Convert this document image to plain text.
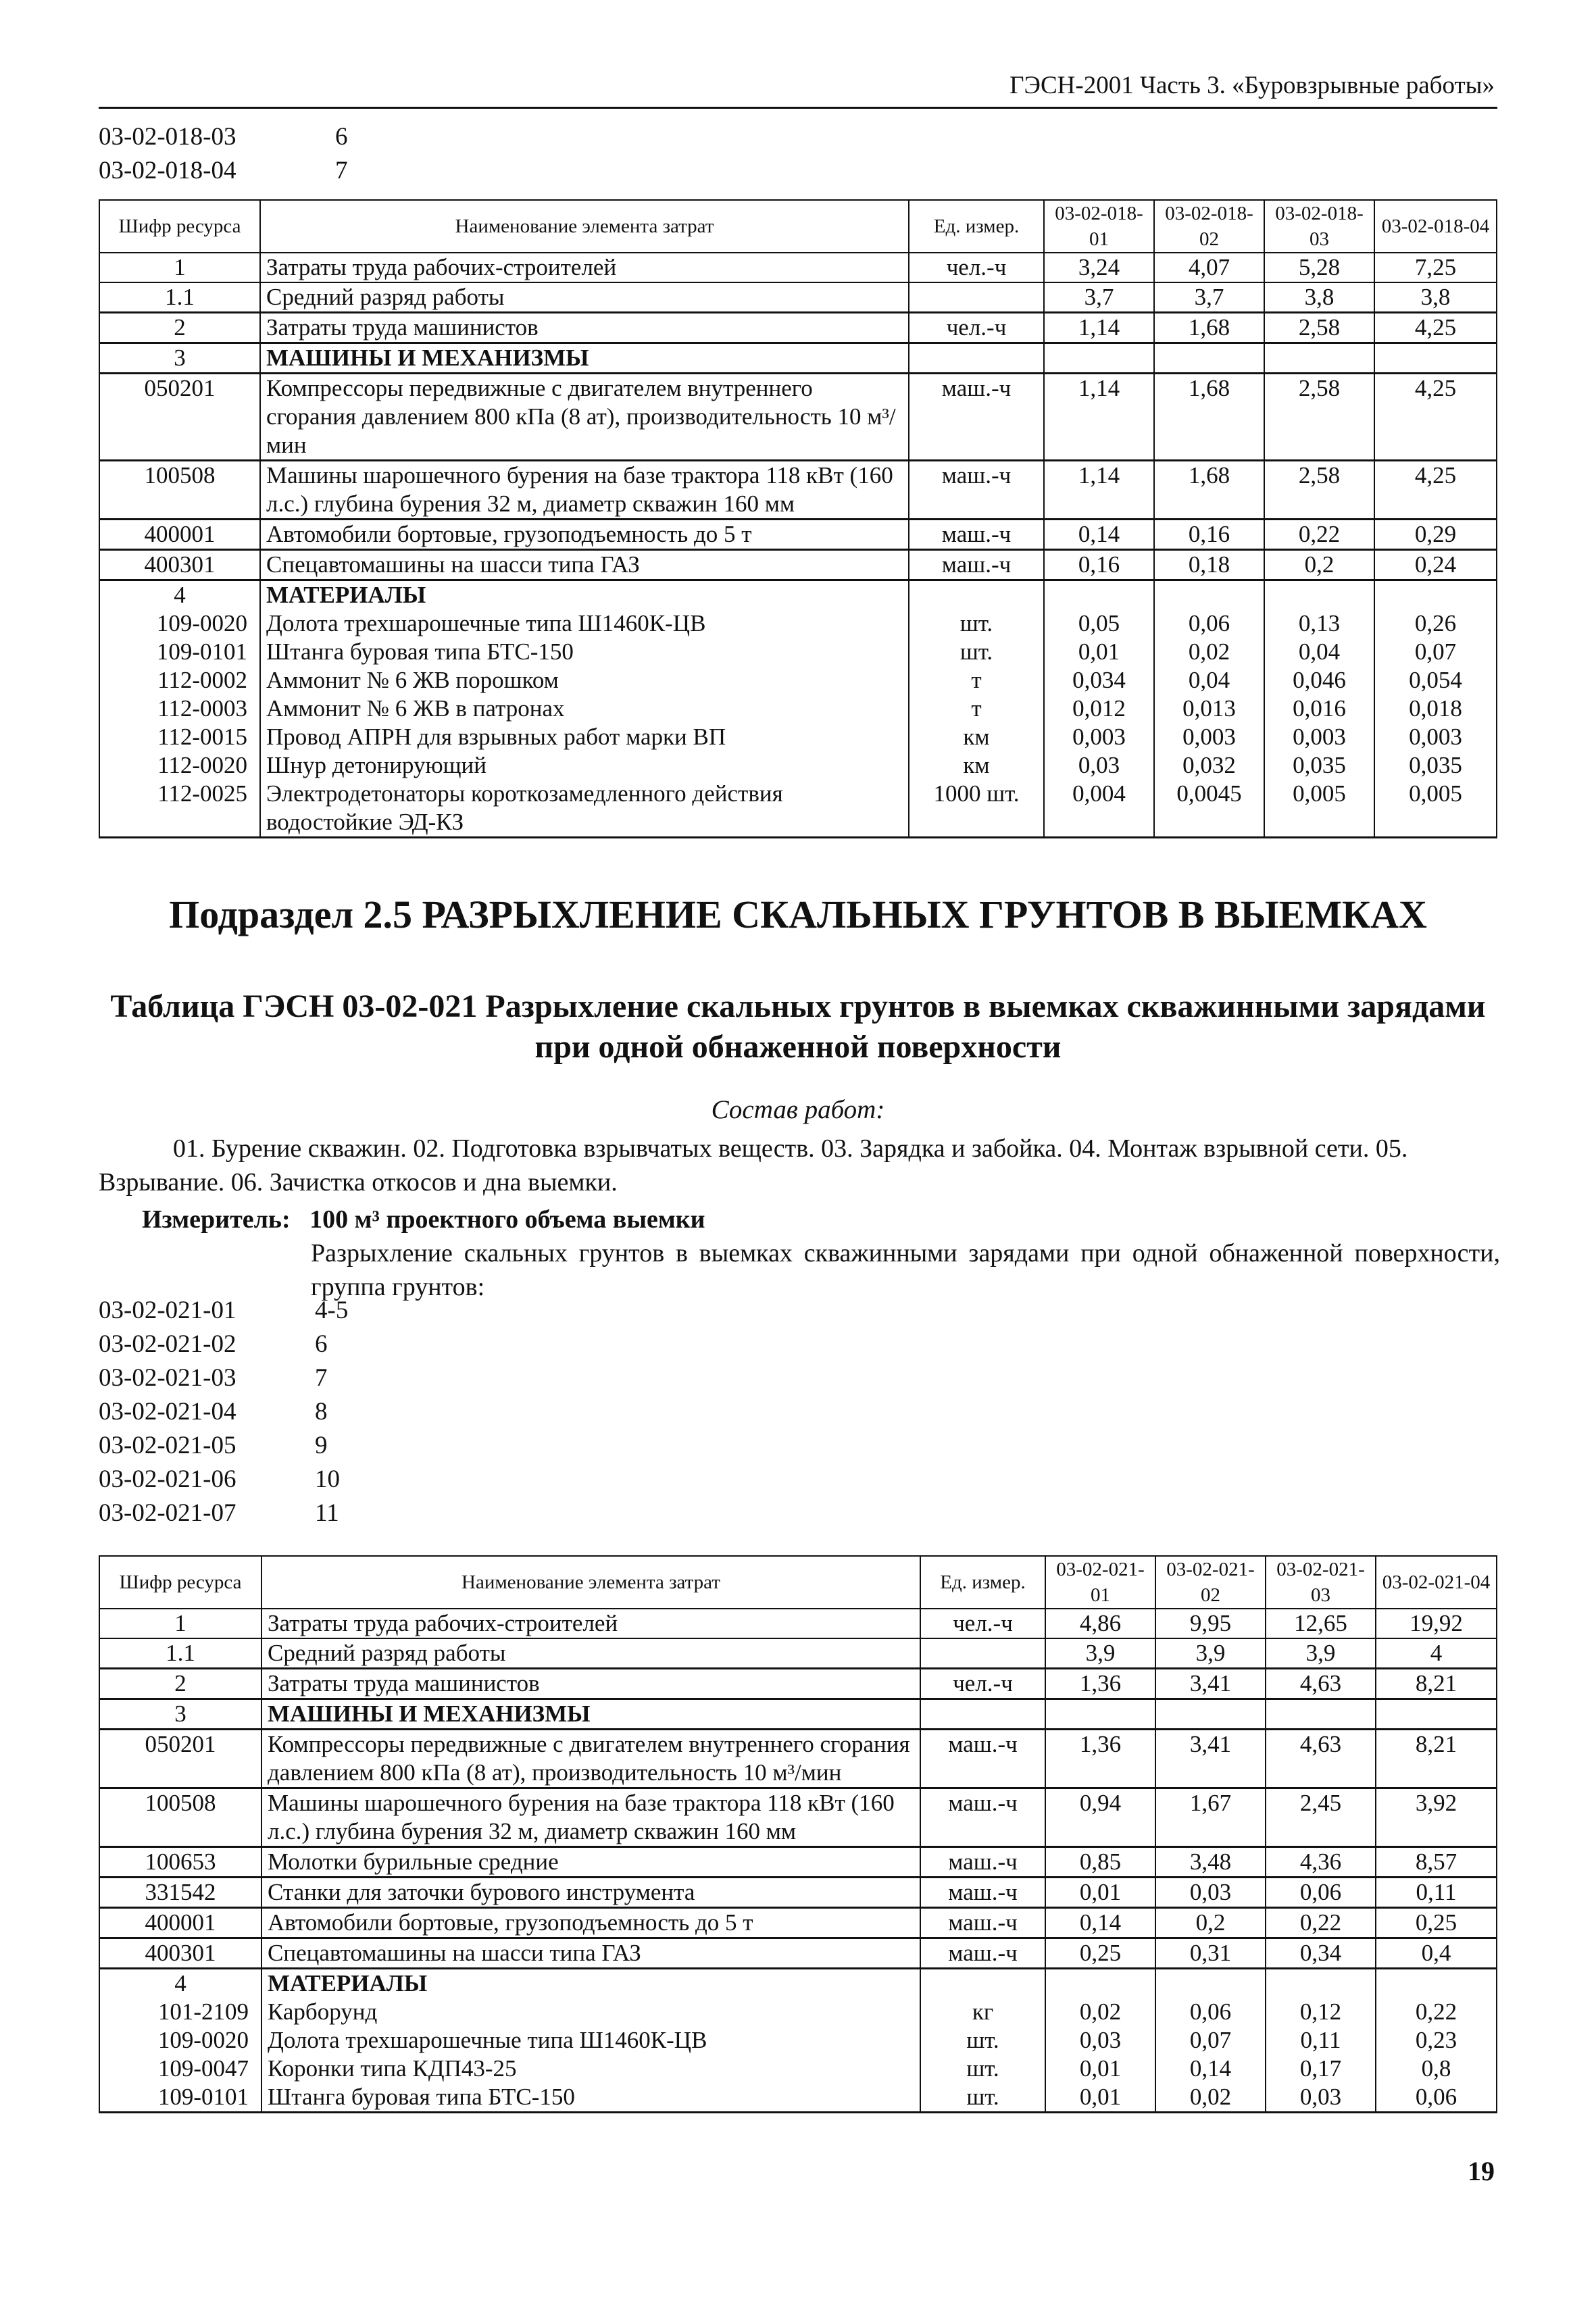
ГЭСН-2001 Часть 3. «Буровзрывные работы»
03-02-018-03	6
03-02-018-04	7
Шифр ресурса	Наименование элемента затрат	Ед. измер.	03-02-018-01	03-02-018-02	03-02-018-03	03-02-018-04
1	Затраты труда рабочих-строителей	чел.-ч	3,24	4,07	5,28	7,25
1.1	Средний разряд работы		3,7	3,7	3,8	3,8
2	Затраты труда машинистов	чел.-ч	1,14	1,68	2,58	4,25
3	МАШИНЫ И МЕХАНИЗМЫ					
050201	Компрессоры передвижные с двигателем внутреннего сгорания давлением 800 кПа (8 ат), производительность 10 м³/мин	маш.-ч	1,14	1,68	2,58	4,25
100508	Машины шарошечного бурения на базе трактора 118 кВт (160 л.с.) глубина бурения 32 м, диаметр скважин 160 мм	маш.-ч	1,14	1,68	2,58	4,25
400001	Автомобили бортовые, грузоподъемность до 5 т	маш.-ч	0,14	0,16	0,22	0,29
400301	Спецавтомашины на шасси типа ГАЗ	маш.-ч	0,16	0,18	0,2	0,24
4	МАТЕРИАЛЫ					
109-0020	Долота трехшарошечные типа Ш1460К-ЦВ	шт.	0,05	0,06	0,13	0,26
109-0101	Штанга буровая типа БТС-150	шт.	0,01	0,02	0,04	0,07
112-0002	Аммонит № 6 ЖВ порошком	т	0,034	0,04	0,046	0,054
112-0003	Аммонит № 6 ЖВ в патронах	т	0,012	0,013	0,016	0,018
112-0015	Провод АПРН для взрывных работ марки ВП	км	0,003	0,003	0,003	0,003
112-0020	Шнур детонирующий	км	0,03	0,032	0,035	0,035
112-0025	Электродетонаторы короткозамедленного действия водостойкие ЭД-КЗ	1000 шт.	0,004	0,0045	0,005	0,005
Подраздел 2.5 РАЗРЫХЛЕНИЕ СКАЛЬНЫХ ГРУНТОВ В ВЫЕМКАХ
Таблица ГЭСН 03-02-021 Разрыхление скальных грунтов в выемках скважинными зарядами при одной обнаженной поверхности
Состав работ:
01. Бурение скважин. 02. Подготовка взрывчатых веществ. 03. Зарядка и забойка. 04. Монтаж взрывной сети. 05. Взрывание. 06. Зачистка откосов и дна выемки.
Измеритель: 100 м³ проектного объема выемки
Разрыхление скальных грунтов в выемках скважинными зарядами при одной обнаженной поверхности, группа грунтов:
03-02-021-01	4-5
03-02-021-02	6
03-02-021-03	7
03-02-021-04	8
03-02-021-05	9
03-02-021-06	10
03-02-021-07	11
Шифр ресурса	Наименование элемента затрат	Ед. измер.	03-02-021-01	03-02-021-02	03-02-021-03	03-02-021-04
1	Затраты труда рабочих-строителей	чел.-ч	4,86	9,95	12,65	19,92
1.1	Средний разряд работы		3,9	3,9	3,9	4
2	Затраты труда машинистов	чел.-ч	1,36	3,41	4,63	8,21
3	МАШИНЫ И МЕХАНИЗМЫ					
050201	Компрессоры передвижные с двигателем внутреннего сгорания давлением 800 кПа (8 ат), производительность 10 м³/мин	маш.-ч	1,36	3,41	4,63	8,21
100508	Машины шарошечного бурения на базе трактора 118 кВт (160 л.с.) глубина бурения 32 м, диаметр скважин 160 мм	маш.-ч	0,94	1,67	2,45	3,92
100653	Молотки бурильные средние	маш.-ч	0,85	3,48	4,36	8,57
331542	Станки для заточки бурового инструмента	маш.-ч	0,01	0,03	0,06	0,11
400001	Автомобили бортовые, грузоподъемность до 5 т	маш.-ч	0,14	0,2	0,22	0,25
400301	Спецавтомашины на шасси типа ГАЗ	маш.-ч	0,25	0,31	0,34	0,4
4	МАТЕРИАЛЫ					
101-2109	Карборунд	кг	0,02	0,06	0,12	0,22
109-0020	Долота трехшарошечные типа Ш1460К-ЦВ	шт.	0,03	0,07	0,11	0,23
109-0047	Коронки типа КДП43-25	шт.	0,01	0,14	0,17	0,8
109-0101	Штанга буровая типа БТС-150	шт.	0,01	0,02	0,03	0,06
19
